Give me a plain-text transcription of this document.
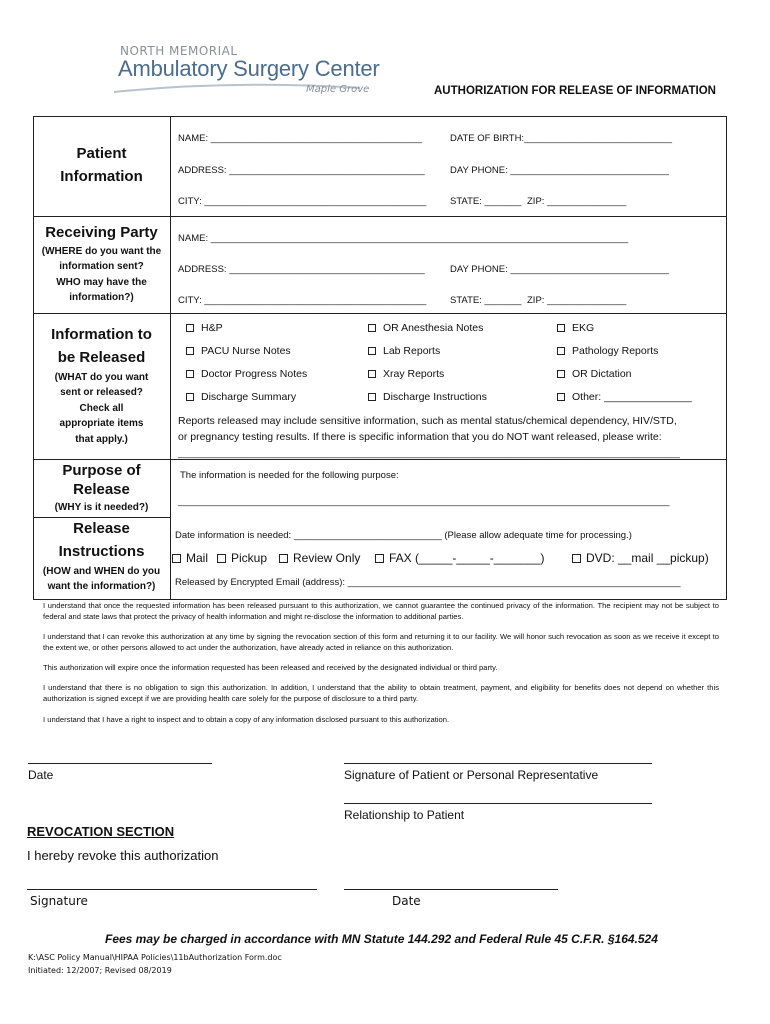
NORTH MEMORIAL
Ambulatory Surgery Center
Maple Grove	AUTHORIZATION FOR RELEASE OF INFORMATION
Patient
Information
NAME: ________________________________________	DATE OF BIRTH:____________________________
ADDRESS: _____________________________________	DAY PHONE: ______________________________
CITY: __________________________________________ STATE: _______ ZIP: _______________
Receiving Party
(WHERE do you want the
information sent?
WHO may have the
information?)
NAME: _______________________________________________________________________________
ADDRESS: _____________________________________	DAY PHONE: ______________________________
CITY: __________________________________________ STATE: _______ ZIP: _______________
Information to
be Released
(WHAT do you want
sent or released?
Check all
appropriate items
that apply.)
H&P	OR Anesthesia Notes	EKG
PACU Nurse Notes	Lab Reports	Pathology Reports
Doctor Progress Notes	Xray Reports	OR Dictation
Discharge Summary	Discharge Instructions	Other: _______________
Reports released may include sensitive information, such as mental status/chemical dependency, HIV/STD,
or pregnancy testing results. If there is specific information that you do NOT want released, please write:
_______________________________________________________________________________________________
Purpose of
Release
(WHY is it needed?)
The information is needed for the following purpose:
_____________________________________________________________________________________________
Release
Instructions
(HOW and WHEN do you
want the information?)
Date information is needed: ____________________________ (Please allow adequate time for processing.)
Mail	Pickup	Review Only	FAX (_____-_____-_______)	DVD: __mail __pickup)
Released by Encrypted Email (address): _______________________________________________________________
I understand that once the requested information has been released pursuant to this authorization, we cannot guarantee the continued privacy of the information. The recipient may not be subject to federal and state laws that protect the privacy of health information and might re-disclose the information to additional parties.
I understand that I can revoke this authorization at any time by signing the revocation section of this form and returning it to our facility. We will honor such revocation as soon as we receive it except to the extent we, or other persons allowed to act under the authorization, have already acted in reliance on this authorization.
This authorization will expire once the information requested has been released and received by the designated individual or third party.
I understand that there is no obligation to sign this authorization. In addition, I understand that the ability to obtain treatment, payment, and eligibility for benefits does not depend on whether this authorization is signed except if we are providing health care solely for the purpose of disclosure to a third party.
I understand that I have a right to inspect and to obtain a copy of any information disclosed pursuant to this authorization.
Date	Signature of Patient or Personal Representative
Relationship to Patient
REVOCATION SECTION
I hereby revoke this authorization
Signature	Date
Fees may be charged in accordance with MN Statute 144.292 and Federal Rule 45 C.F.R. §164.524
K:\ASC Policy Manual\HIPAA Policies\11bAuthorization Form.doc
Initiated: 12/2007; Revised 08/2019
